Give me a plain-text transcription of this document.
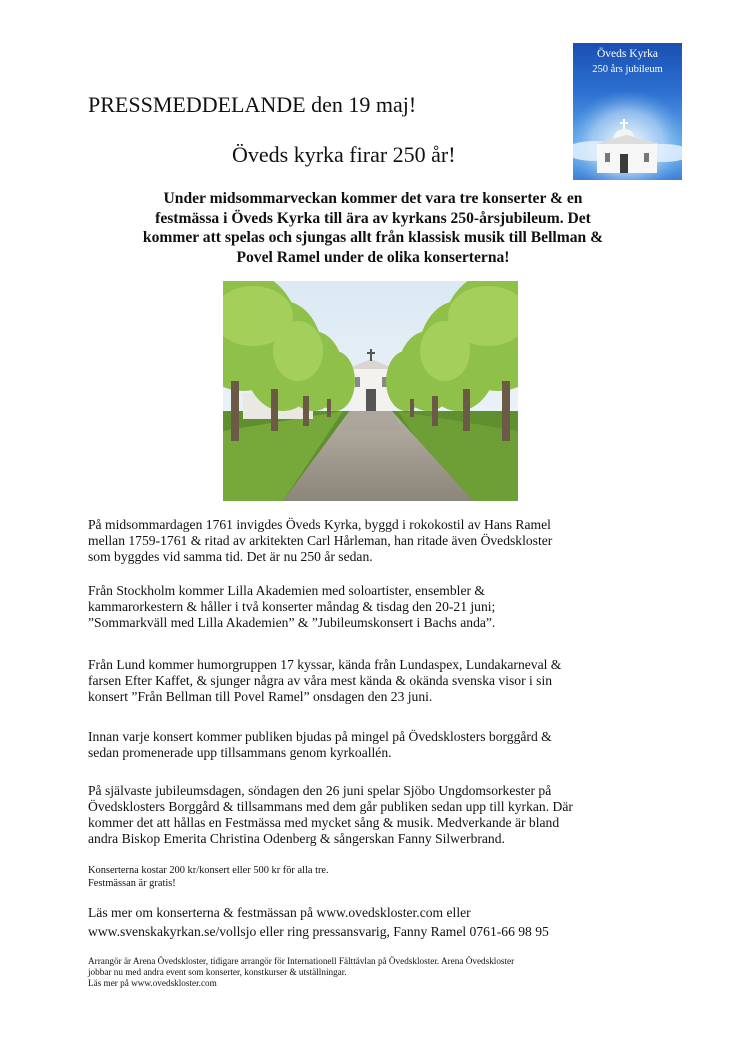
Öveds Kyrka
250 års jubileum
PRESSMEDDELANDE den 19 maj!
Öveds kyrka firar 250 år!
Under midsommarveckan kommer det vara tre konserter & en
festmässa i Öveds Kyrka till ära av kyrkans 250-årsjubileum. Det
kommer att spelas och sjungas allt från klassisk musik till Bellman &
Povel Ramel under de olika konserterna!
På midsommardagen 1761 invigdes Öveds Kyrka, byggd i rokokostil av Hans Ramel
mellan 1759-1761 & ritad av arkitekten Carl Hårleman, han ritade även Övedskloster
som byggdes vid samma tid. Det är nu 250 år sedan.
Från Stockholm kommer Lilla Akademien med soloartister, ensembler &
kammarorkestern & håller i två konserter måndag & tisdag den 20-21 juni;
”Sommarkväll med Lilla Akademien” & ”Jubileumskonsert i Bachs anda”.
Från Lund kommer humorgruppen 17 kyssar, kända från Lundaspex, Lundakarneval &
farsen Efter Kaffet, & sjunger några av våra mest kända & okända svenska visor i sin
konsert ”Från Bellman till Povel Ramel” onsdagen den 23 juni.
Innan varje konsert kommer publiken bjudas på mingel på Övedsklosters borggård &
sedan promenerade upp tillsammans genom kyrkoallén.
På självaste jubileumsdagen, söndagen den 26 juni spelar Sjöbo Ungdomsorkester på
Övedsklosters Borggård & tillsammans med dem går publiken sedan upp till kyrkan. Där
kommer det att hållas en Festmässa med mycket sång & musik. Medverkande är bland
andra Biskop Emerita Christina Odenberg & sångerskan Fanny Silwerbrand.
Konserterna kostar 200 kr/konsert eller 500 kr för alla tre.
Festmässan är gratis!
Läs mer om konserterna & festmässan på www.ovedskloster.com eller
www.svenskakyrkan.se/vollsjo eller ring pressansvarig, Fanny Ramel 0761-66 98 95
Arrangör är Arena Övedskloster, tidigare arrangör för Internationell Fälttävlan på Övedskloster. Arena Övedskloster
jobbar nu med andra event som konserter, konstkurser & utställningar.
Läs mer på www.ovedskloster.com
